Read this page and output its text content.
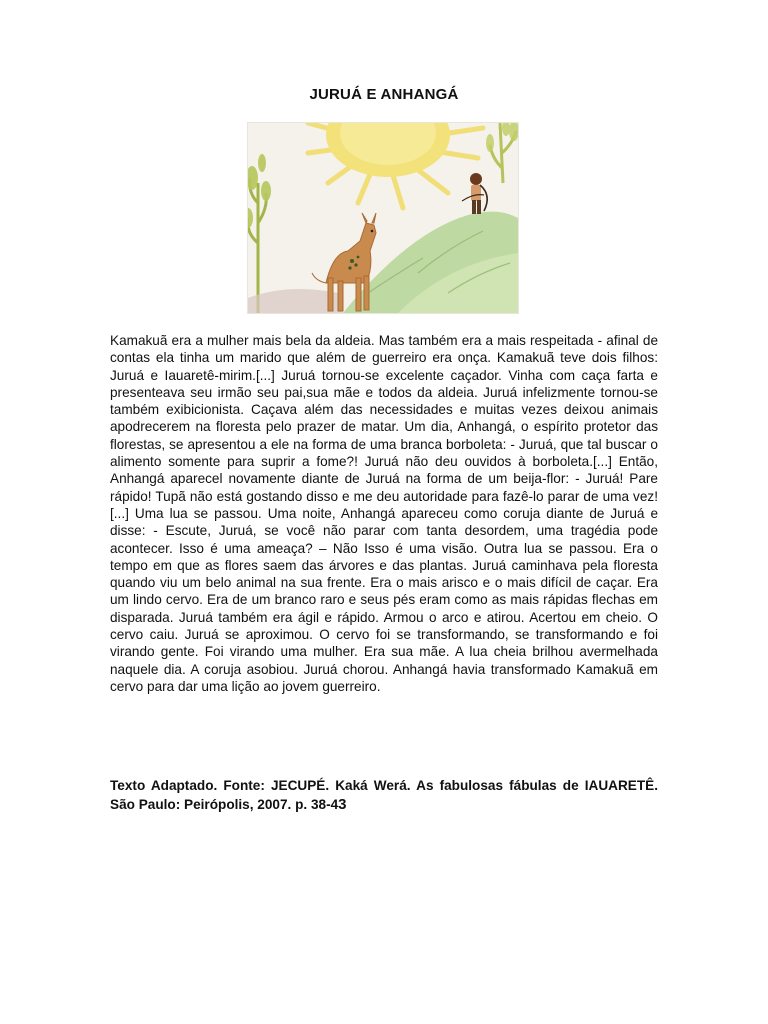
JURUÁ E ANHANGÁ

Kamakuã era a mulher mais bela da aldeia. Mas também era a mais respeitada - afinal de contas ela tinha um marido que além de guerreiro era onça. Kamakuã teve dois filhos: Juruá e Iauaretê-mirim.[...] Juruá tornou-se excelente caçador. Vinha com caça farta e presenteava seu irmão seu pai,sua mãe e todos da aldeia. Juruá infelizmente tornou-se também exibicionista. Caçava além das necessidades e muitas vezes deixou animais apodrecerem na floresta pelo prazer de matar. Um dia, Anhangá, o espírito protetor das florestas, se apresentou a ele na forma de uma branca borboleta: - Juruá, que tal buscar o alimento somente para suprir a fome?! Juruá não deu ouvidos à borboleta.[...] Então, Anhangá aparecel novamente diante de Juruá na forma de um beija-flor: - Juruá! Pare rápido! Tupã não está gostando disso e me deu autoridade para fazê-lo parar de uma vez![...] Uma lua se passou. Uma noite, Anhangá apareceu como coruja diante de Juruá e disse: - Escute, Juruá, se você não parar com tanta desordem, uma tragédia pode acontecer. Isso é uma ameaça? – Não Isso é uma visão. Outra lua se passou. Era o tempo em que as flores saem das árvores e das plantas. Juruá caminhava pela floresta quando viu um belo animal na sua frente. Era o mais arisco e o mais difícil de caçar. Era um lindo cervo. Era de um branco raro e seus pés eram como as mais rápidas flechas em disparada. Juruá também era ágil e rápido. Armou o arco e atirou. Acertou em cheio. O cervo caiu. Juruá se aproximou. O cervo foi se transformando, se transformando e foi virando gente. Foi virando uma mulher. Era sua mãe. A lua cheia brilhou avermelhada naquele dia. A coruja asobiou. Juruá chorou. Anhangá havia transformado Kamakuã em cervo para dar uma lição ao jovem guerreiro.

Texto Adaptado. Fonte: JECUPÉ. Kaká Werá. As fabulosas fábulas de IAUARETÊ. São Paulo: Peirópolis, 2007. p. 38-43
